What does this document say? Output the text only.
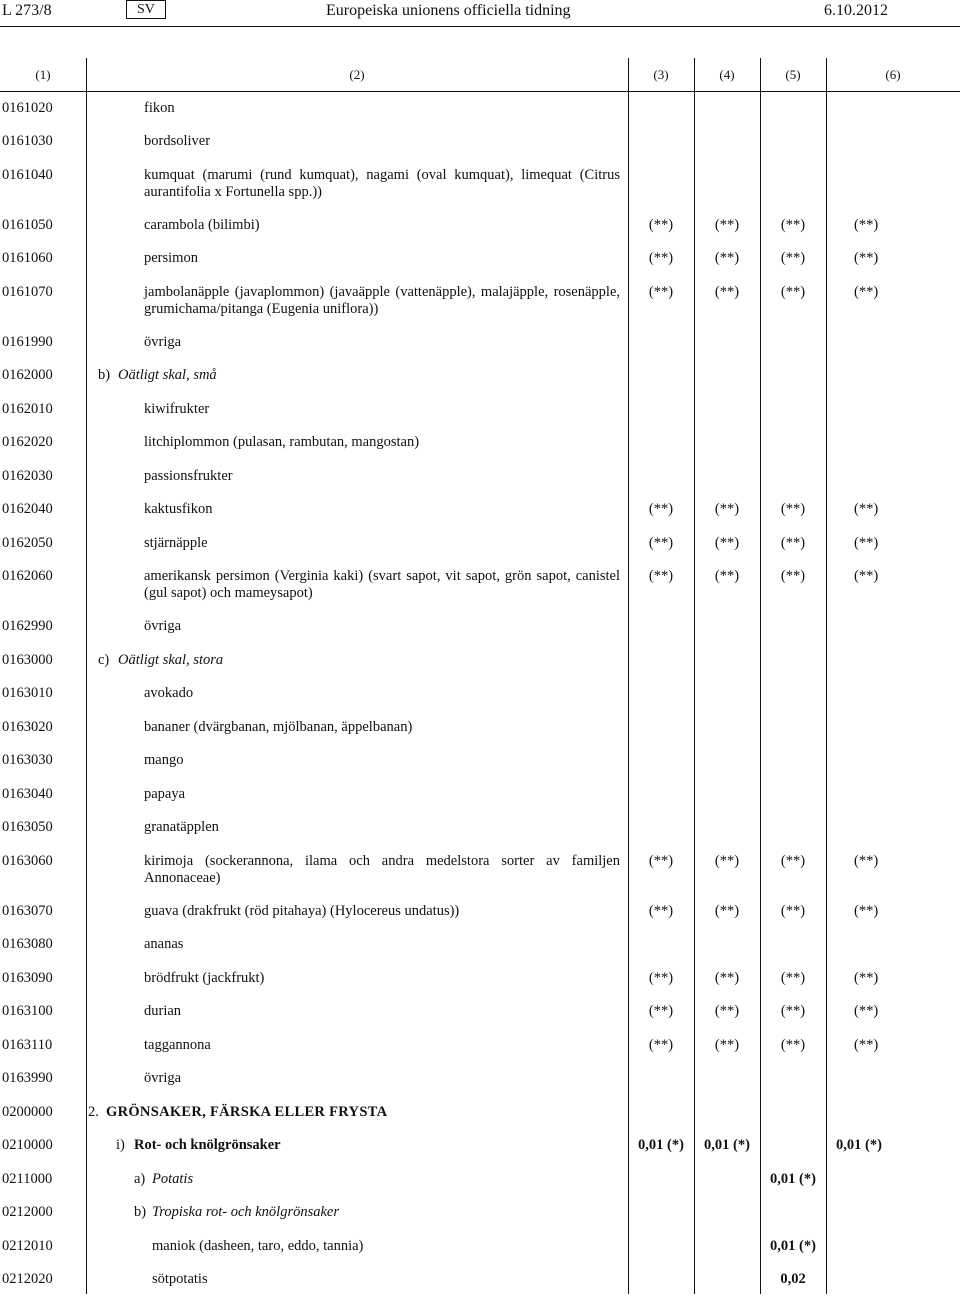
L 273/8	SV	Europeiska unionens officiella tidning	6.10.2012
(1)	(2)	(3)	(4)	(5)	(6)
0161020	fikon				
0161030	bordsoliver				
0161040	kumquat (marumi (rund kumquat), nagami (oval kumquat), limequat (Citrus aurantifolia x Fortunella spp.))				
0161050	carambola (bilimbi)	(**)	(**)	(**)	(**)
0161060	persimon	(**)	(**)	(**)	(**)
0161070	jambolanäpple (javaplommon) (javaäpple (vattenäpple), malajäpple, rosenäpple, grumichama/pitanga (Eugenia uniflora))	(**)	(**)	(**)	(**)
0161990	övriga				
0162000	b) Oätligt skal, små				
0162010	kiwifrukter				
0162020	litchiplommon (pulasan, rambutan, mangostan)				
0162030	passionsfrukter				
0162040	kaktusfikon	(**)	(**)	(**)	(**)
0162050	stjärnäpple	(**)	(**)	(**)	(**)
0162060	amerikansk persimon (Verginia kaki) (svart sapot, vit sapot, grön sapot, canistel (gul sapot) och mameysapot)	(**)	(**)	(**)	(**)
0162990	övriga				
0163000	c) Oätligt skal, stora				
0163010	avokado				
0163020	bananer (dvärgbanan, mjölbanan, äppelbanan)				
0163030	mango				
0163040	papaya				
0163050	granatäpplen				
0163060	kirimoja (sockerannona, ilama och andra medelstora sorter av familjen Annonaceae)	(**)	(**)	(**)	(**)
0163070	guava (drakfrukt (röd pitahaya) (Hylocereus undatus))	(**)	(**)	(**)	(**)
0163080	ananas				
0163090	brödfrukt (jackfrukt)	(**)	(**)	(**)	(**)
0163100	durian	(**)	(**)	(**)	(**)
0163110	taggannona	(**)	(**)	(**)	(**)
0163990	övriga				
0200000	2. GRÖNSAKER, FÄRSKA ELLER FRYSTA				
0210000	i) Rot- och knölgrönsaker	0,01 (*)	0,01 (*)		0,01 (*)
0211000	a) Potatis			0,01 (*)	
0212000	b) Tropiska rot- och knölgrönsaker				
0212010	maniok (dasheen, taro, eddo, tannia)			0,01 (*)	
0212020	sötpotatis			0,02	
